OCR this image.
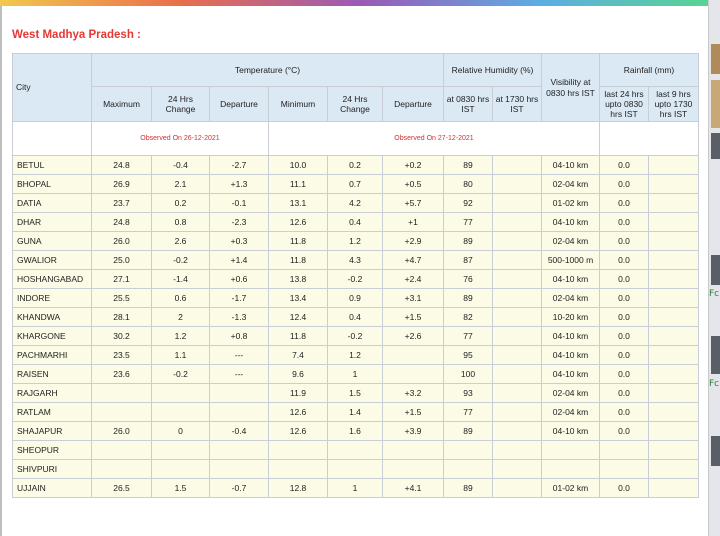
Fc
Fc
West Madhya Pradesh :
City	Temperature (°C)						Relative Humidity (%)		Visibility at 0830 hrs IST	Rainfall (mm)	
	Maximum	24 Hrs Change	Departure	Minimum	24 Hrs Change	Departure	at 0830 hrs IST	at 1730 hrs IST		last 24 hrs upto 0830 hrs IST	last 9 hrs upto 1730 hrs IST
	Observed On 26-12-2021			Observed On 27-12-2021							
BETUL	24.8	-0.4	-2.7	10.0	0.2	+0.2	89		04-10 km	0.0	
BHOPAL	26.9	2.1	+1.3	11.1	0.7	+0.5	80		02-04 km	0.0	
DATIA	23.7	0.2	-0.1	13.1	4.2	+5.7	92		01-02 km	0.0	
DHAR	24.8	0.8	-2.3	12.6	0.4	+1	77		04-10 km	0.0	
GUNA	26.0	2.6	+0.3	11.8	1.2	+2.9	89		02-04 km	0.0	
GWALIOR	25.0	-0.2	+1.4	11.8	4.3	+4.7	87		500-1000 m	0.0	
HOSHANGABAD	27.1	-1.4	+0.6	13.8	-0.2	+2.4	76		04-10 km	0.0	
INDORE	25.5	0.6	-1.7	13.4	0.9	+3.1	89		02-04 km	0.0	
KHANDWA	28.1	2	-1.3	12.4	0.4	+1.5	82		10-20 km	0.0	
KHARGONE	30.2	1.2	+0.8	11.8	-0.2	+2.6	77		04-10 km	0.0	
PACHMARHI	23.5	1.1	---	7.4	1.2		95		04-10 km	0.0	
RAISEN	23.6	-0.2	---	9.6	1		100		04-10 km	0.0	
RAJGARH				11.9	1.5	+3.2	93		02-04 km	0.0	
RATLAM				12.6	1.4	+1.5	77		02-04 km	0.0	
SHAJAPUR	26.0	0	-0.4	12.6	1.6	+3.9	89		04-10 km	0.0	
SHEOPUR											
SHIVPURI											
UJJAIN	26.5	1.5	-0.7	12.8	1	+4.1	89		01-02 km	0.0	
